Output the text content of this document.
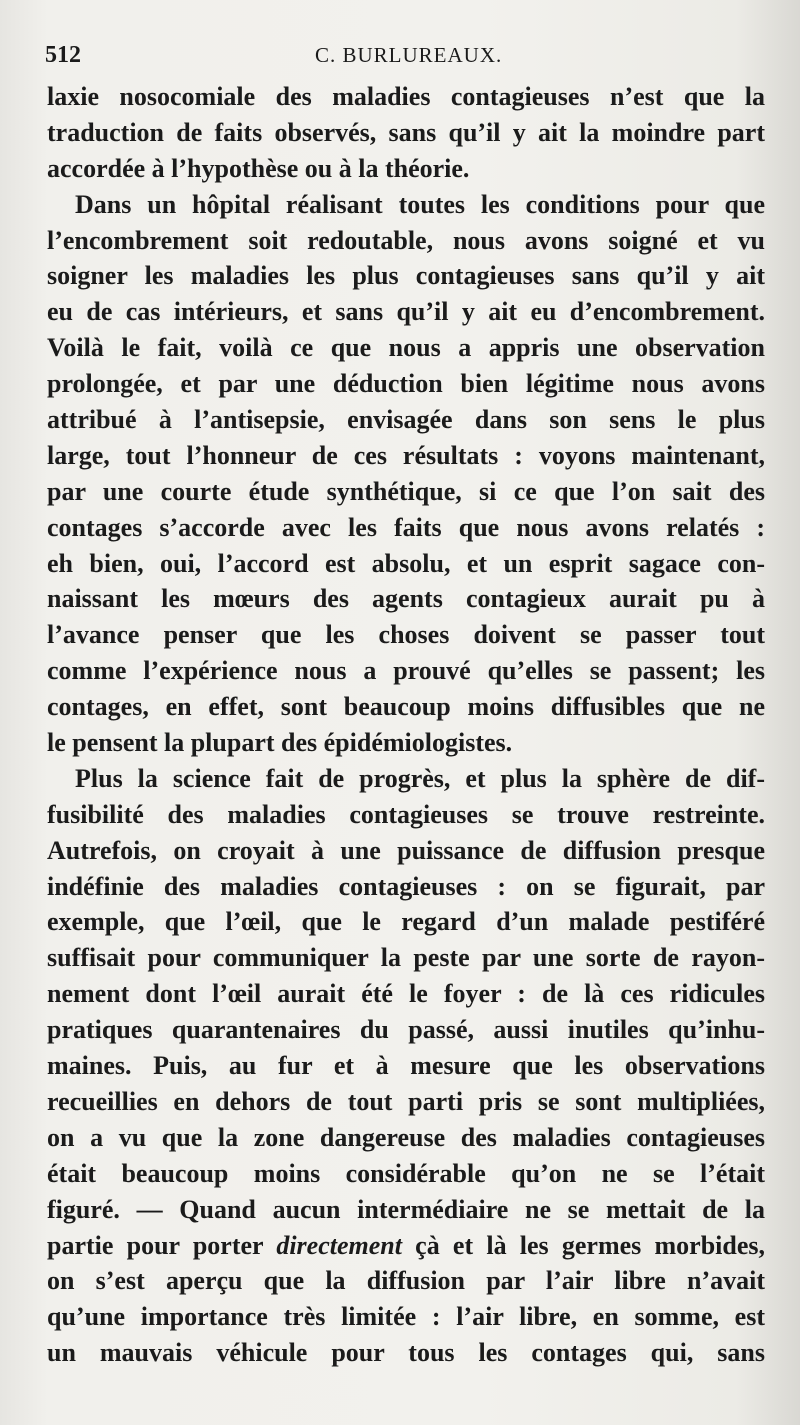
512	C. BURLUREAUX.
laxie nosocomiale des maladies contagieuses n’est que la
traduction de faits observés, sans qu’il y ait la moindre part
accordée à l’hypothèse ou à la théorie.
Dans un hôpital réalisant toutes les conditions pour que
l’encombrement soit redoutable, nous avons soigné et vu
soigner les maladies les plus contagieuses sans qu’il y ait
eu de cas intérieurs, et sans qu’il y ait eu d’encombrement.
Voilà le fait, voilà ce que nous a appris une observation
prolongée, et par une déduction bien légitime nous avons
attribué à l’antisepsie, envisagée dans son sens le plus
large, tout l’honneur de ces résultats : voyons maintenant,
par une courte étude synthétique, si ce que l’on sait des
contages s’accorde avec les faits que nous avons relatés :
eh bien, oui, l’accord est absolu, et un esprit sagace con-
naissant les mœurs des agents contagieux aurait pu à
l’avance penser que les choses doivent se passer tout
comme l’expérience nous a prouvé qu’elles se passent; les
contages, en effet, sont beaucoup moins diffusibles que ne
le pensent la plupart des épidémiologistes.
Plus la science fait de progrès, et plus la sphère de dif-
fusibilité des maladies contagieuses se trouve restreinte.
Autrefois, on croyait à une puissance de diffusion presque
indéfinie des maladies contagieuses : on se figurait, par
exemple, que l’œil, que le regard d’un malade pestiféré
suffisait pour communiquer la peste par une sorte de rayon-
nement dont l’œil aurait été le foyer : de là ces ridicules
pratiques quarantenaires du passé, aussi inutiles qu’inhu-
maines. Puis, au fur et à mesure que les observations
recueillies en dehors de tout parti pris se sont multipliées,
on a vu que la zone dangereuse des maladies contagieuses
était beaucoup moins considérable qu’on ne se l’était
figuré. — Quand aucun intermédiaire ne se mettait de la
partie pour porter directement çà et là les germes morbides,
on s’est aperçu que la diffusion par l’air libre n’avait
qu’une importance très limitée : l’air libre, en somme, est
un mauvais véhicule pour tous les contages qui, sans
